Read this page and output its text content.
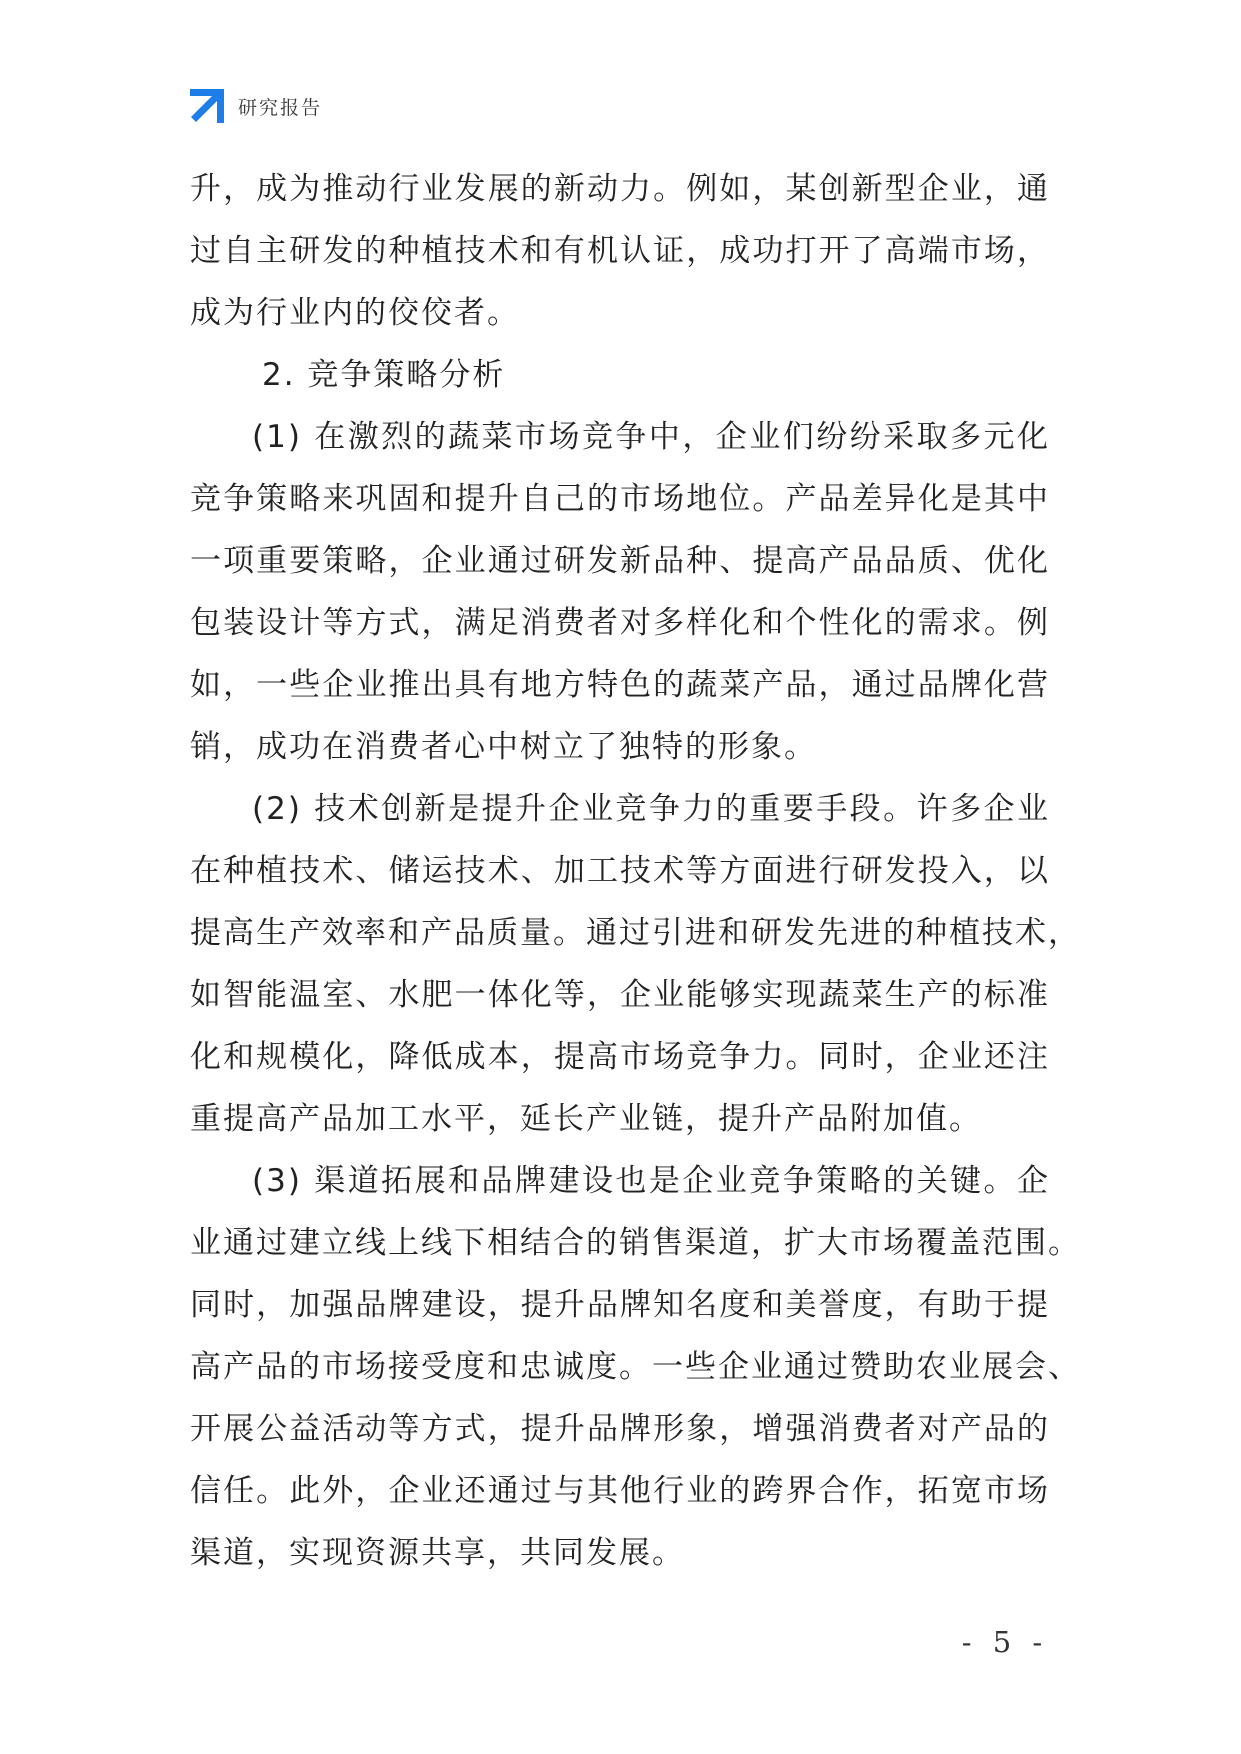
研究报告
升，成为推动行业发展的新动力。例如，某创新型企业，通
过自主研发的种植技术和有机认证，成功打开了高端市场，
成为行业内的佼佼者。
2. 竞争策略分析
(1) 在激烈的蔬菜市场竞争中，企业们纷纷采取多元化
竞争策略来巩固和提升自己的市场地位。产品差异化是其中
一项重要策略，企业通过研发新品种、提高产品品质、优化
包装设计等方式，满足消费者对多样化和个性化的需求。例
如，一些企业推出具有地方特色的蔬菜产品，通过品牌化营
销，成功在消费者心中树立了独特的形象。
(2) 技术创新是提升企业竞争力的重要手段。许多企业
在种植技术、储运技术、加工技术等方面进行研发投入，以
提高生产效率和产品质量。通过引进和研发先进的种植技术，
如智能温室、水肥一体化等，企业能够实现蔬菜生产的标准
化和规模化，降低成本，提高市场竞争力。同时，企业还注
重提高产品加工水平，延长产业链，提升产品附加值。
(3) 渠道拓展和品牌建设也是企业竞争策略的关键。企
业通过建立线上线下相结合的销售渠道，扩大市场覆盖范围。
同时，加强品牌建设，提升品牌知名度和美誉度，有助于提
高产品的市场接受度和忠诚度。一些企业通过赞助农业展会、
开展公益活动等方式，提升品牌形象，增强消费者对产品的
信任。此外，企业还通过与其他行业的跨界合作，拓宽市场
渠道，实现资源共享，共同发展。
- 5 -
